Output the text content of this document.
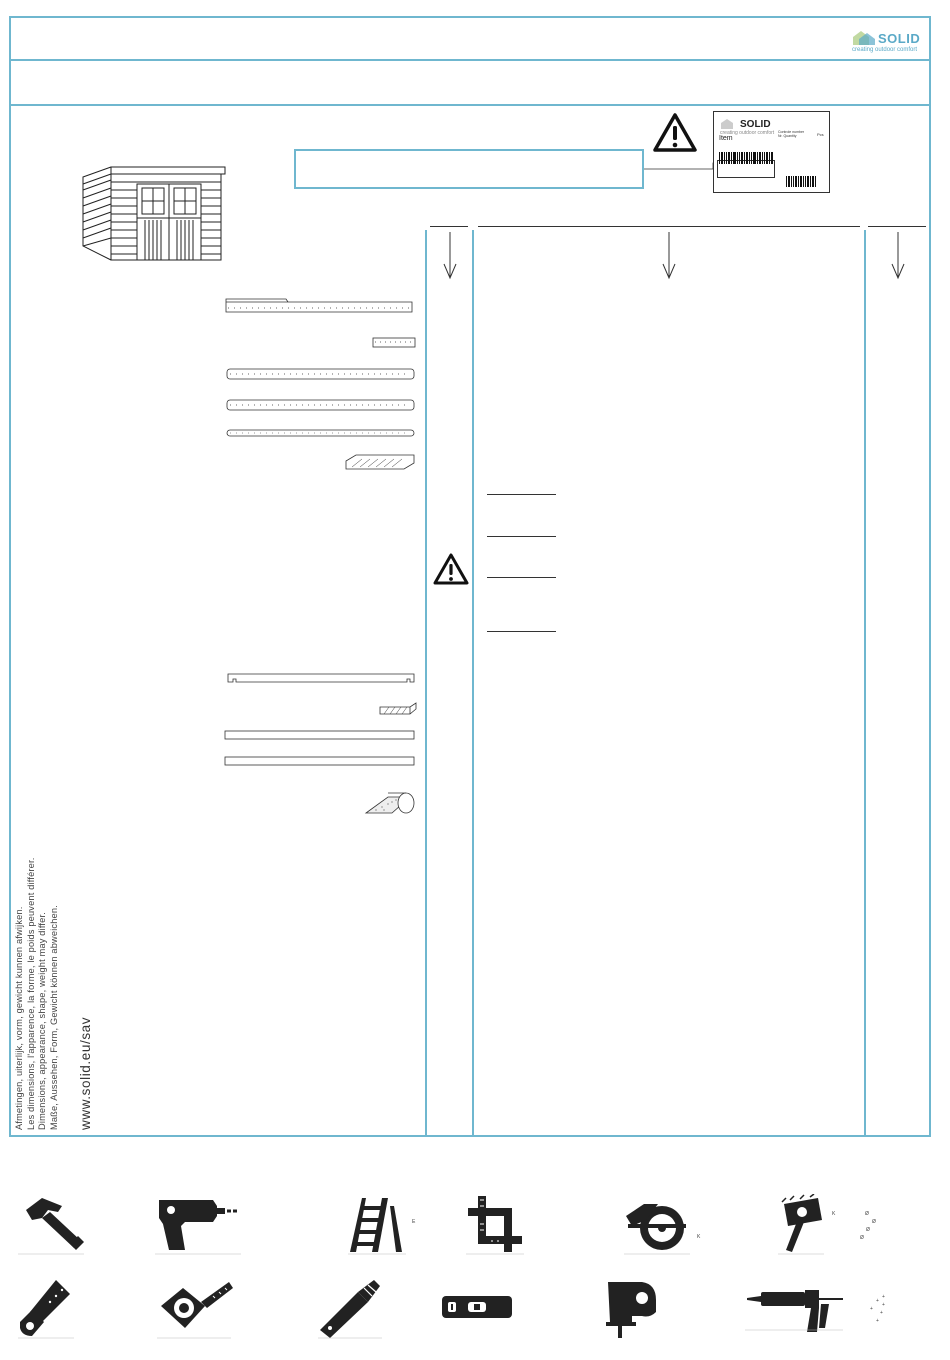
SOLID
creating outdoor comfort
SOLID
creating outdoor comfort
Item
Controle number
Nr. Quantity	Pcs
Afmetingen, uiterlijk, vorm, gewicht kunnen afwijken. Les dimensions, l'apparence, la forme, le poids peuvent différer. Dimensions, appearance, shape, weight may differ. Maße, Aussehen, Form, Gewicht können abweichen. www.solid.eu/sav
E
K
K	Ø
Ø
Ø
Ø
+
+
+
+
+
+
